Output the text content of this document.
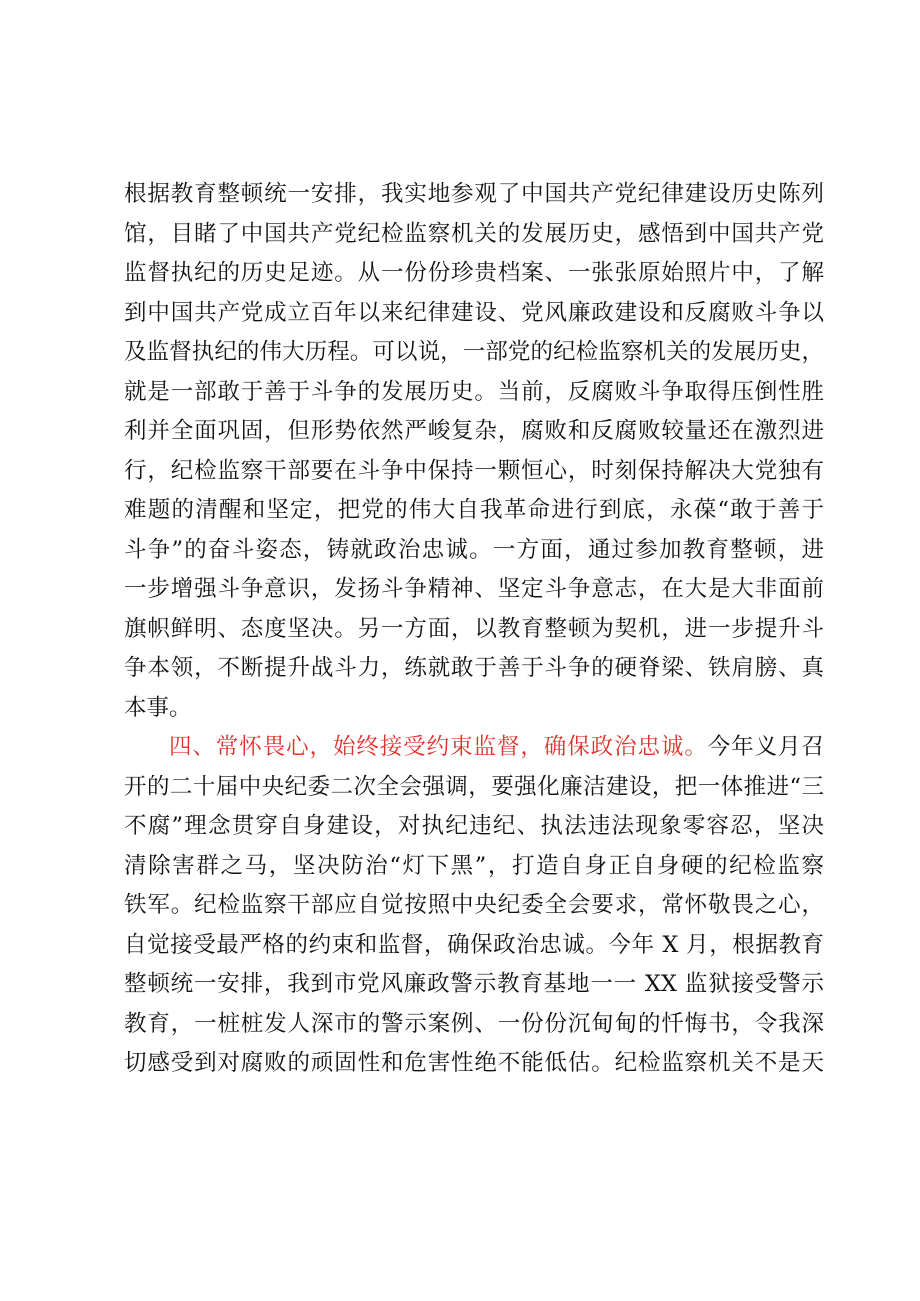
根据教育整顿统一安排，我实地参观了中国共产党纪律建设历史陈列
馆，目睹了中国共产党纪检监察机关的发展历史，感悟到中国共产党
监督执纪的历史足迹。从一份份珍贵档案、一张张原始照片中，了解
到中国共产党成立百年以来纪律建设、党风廉政建设和反腐败斗争以
及监督执纪的伟大历程。可以说，一部党的纪检监察机关的发展历史，
就是一部敢于善于斗争的发展历史。当前，反腐败斗争取得压倒性胜
利并全面巩固，但形势依然严峻复杂，腐败和反腐败较量还在激烈进
行，纪检监察干部要在斗争中保持一颗恒心，时刻保持解决大党独有
难题的清醒和坚定，把党的伟大自我革命进行到底，永葆“敢于善于
斗争”的奋斗姿态，铸就政治忠诚。一方面，通过参加教育整顿，进
一步增强斗争意识，发扬斗争精神、坚定斗争意志，在大是大非面前
旗帜鲜明、态度坚决。另一方面，以教育整顿为契机，进一步提升斗
争本领，不断提升战斗力，练就敢于善于斗争的硬脊梁、铁肩膀、真
本事。
四、常怀畏心，始终接受约束监督，确保政治忠诚。今年义月召
开的二十届中央纪委二次全会强调，要强化廉洁建设，把一体推进“三
不腐”理念贯穿自身建设，对执纪违纪、执法违法现象零容忍，坚决
清除害群之马，坚决防治“灯下黑”，打造自身正自身硬的纪检监察
铁军。纪检监察干部应自觉按照中央纪委全会要求，常怀敬畏之心，
自觉接受最严格的约束和监督，确保政治忠诚。今年 X 月，根据教育
整顿统一安排，我到市党风廉政警示教育基地一一 XX 监狱接受警示
教育，一桩桩发人深市的警示案例、一份份沉甸甸的忏悔书，令我深
切感受到对腐败的顽固性和危害性绝不能低估。纪检监察机关不是天
